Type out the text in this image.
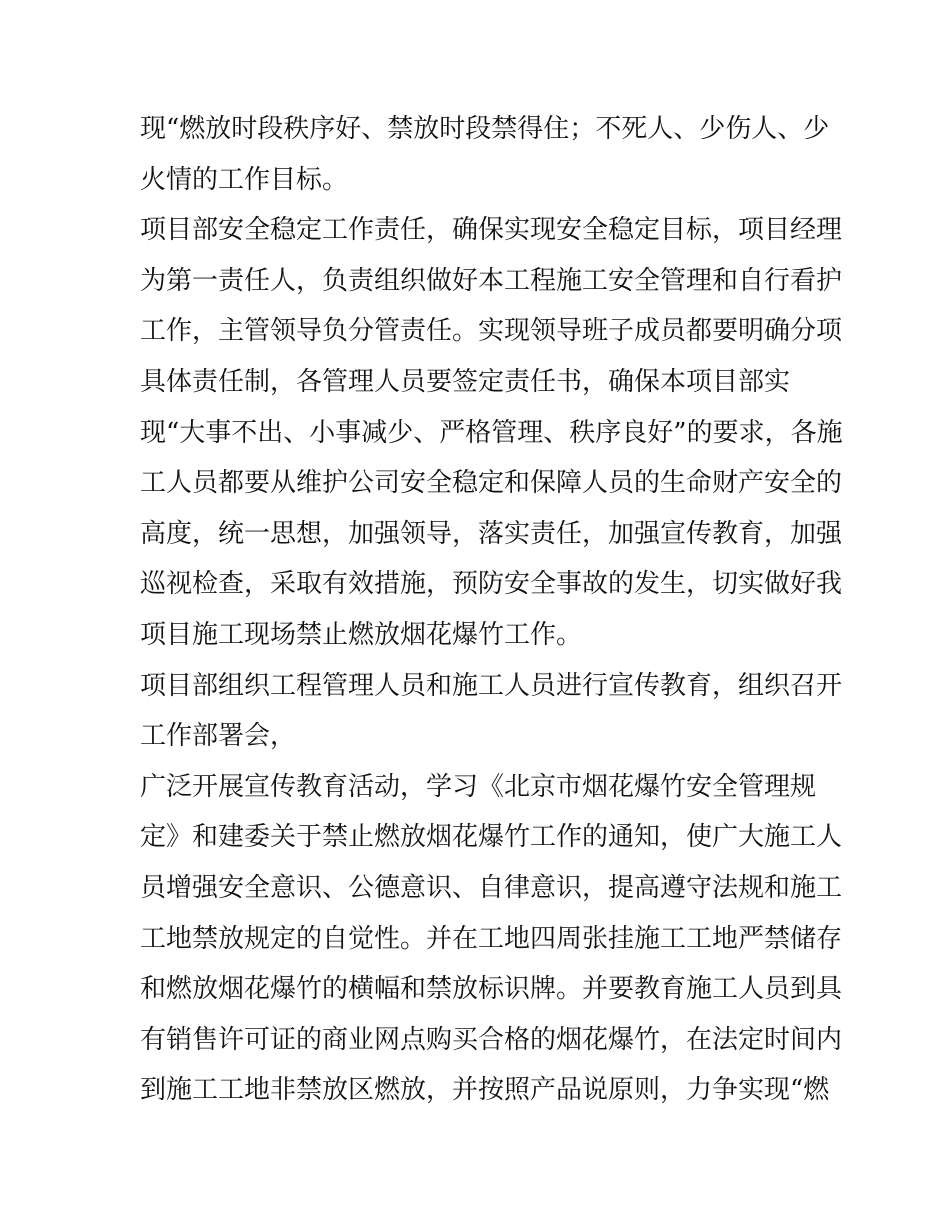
现“燃放时段秩序好、禁放时段禁得住；不死人、少伤人、少
火情的工作目标。
项目部安全稳定工作责任，确保实现安全稳定目标，项目经理
为第一责任人，负责组织做好本工程施工安全管理和自行看护
工作，主管领导负分管责任。实现领导班子成员都要明确分项
具体责任制，各管理人员要签定责任书，确保本项目部实
现“大事不出、小事减少、严格管理、秩序良好”的要求，各施
工人员都要从维护公司安全稳定和保障人员的生命财产安全的
高度，统一思想，加强领导，落实责任，加强宣传教育，加强
巡视检查，采取有效措施，预防安全事故的发生，切实做好我
项目施工现场禁止燃放烟花爆竹工作。
项目部组织工程管理人员和施工人员进行宣传教育，组织召开
工作部署会，
广泛开展宣传教育活动，学习《北京市烟花爆竹安全管理规
定》和建委关于禁止燃放烟花爆竹工作的通知，使广大施工人
员增强安全意识、公德意识、自律意识，提高遵守法规和施工
工地禁放规定的自觉性。并在工地四周张挂施工工地严禁储存
和燃放烟花爆竹的横幅和禁放标识牌。并要教育施工人员到具
有销售许可证的商业网点购买合格的烟花爆竹，在法定时间内
到施工工地非禁放区燃放，并按照产品说原则，力争实现“燃
